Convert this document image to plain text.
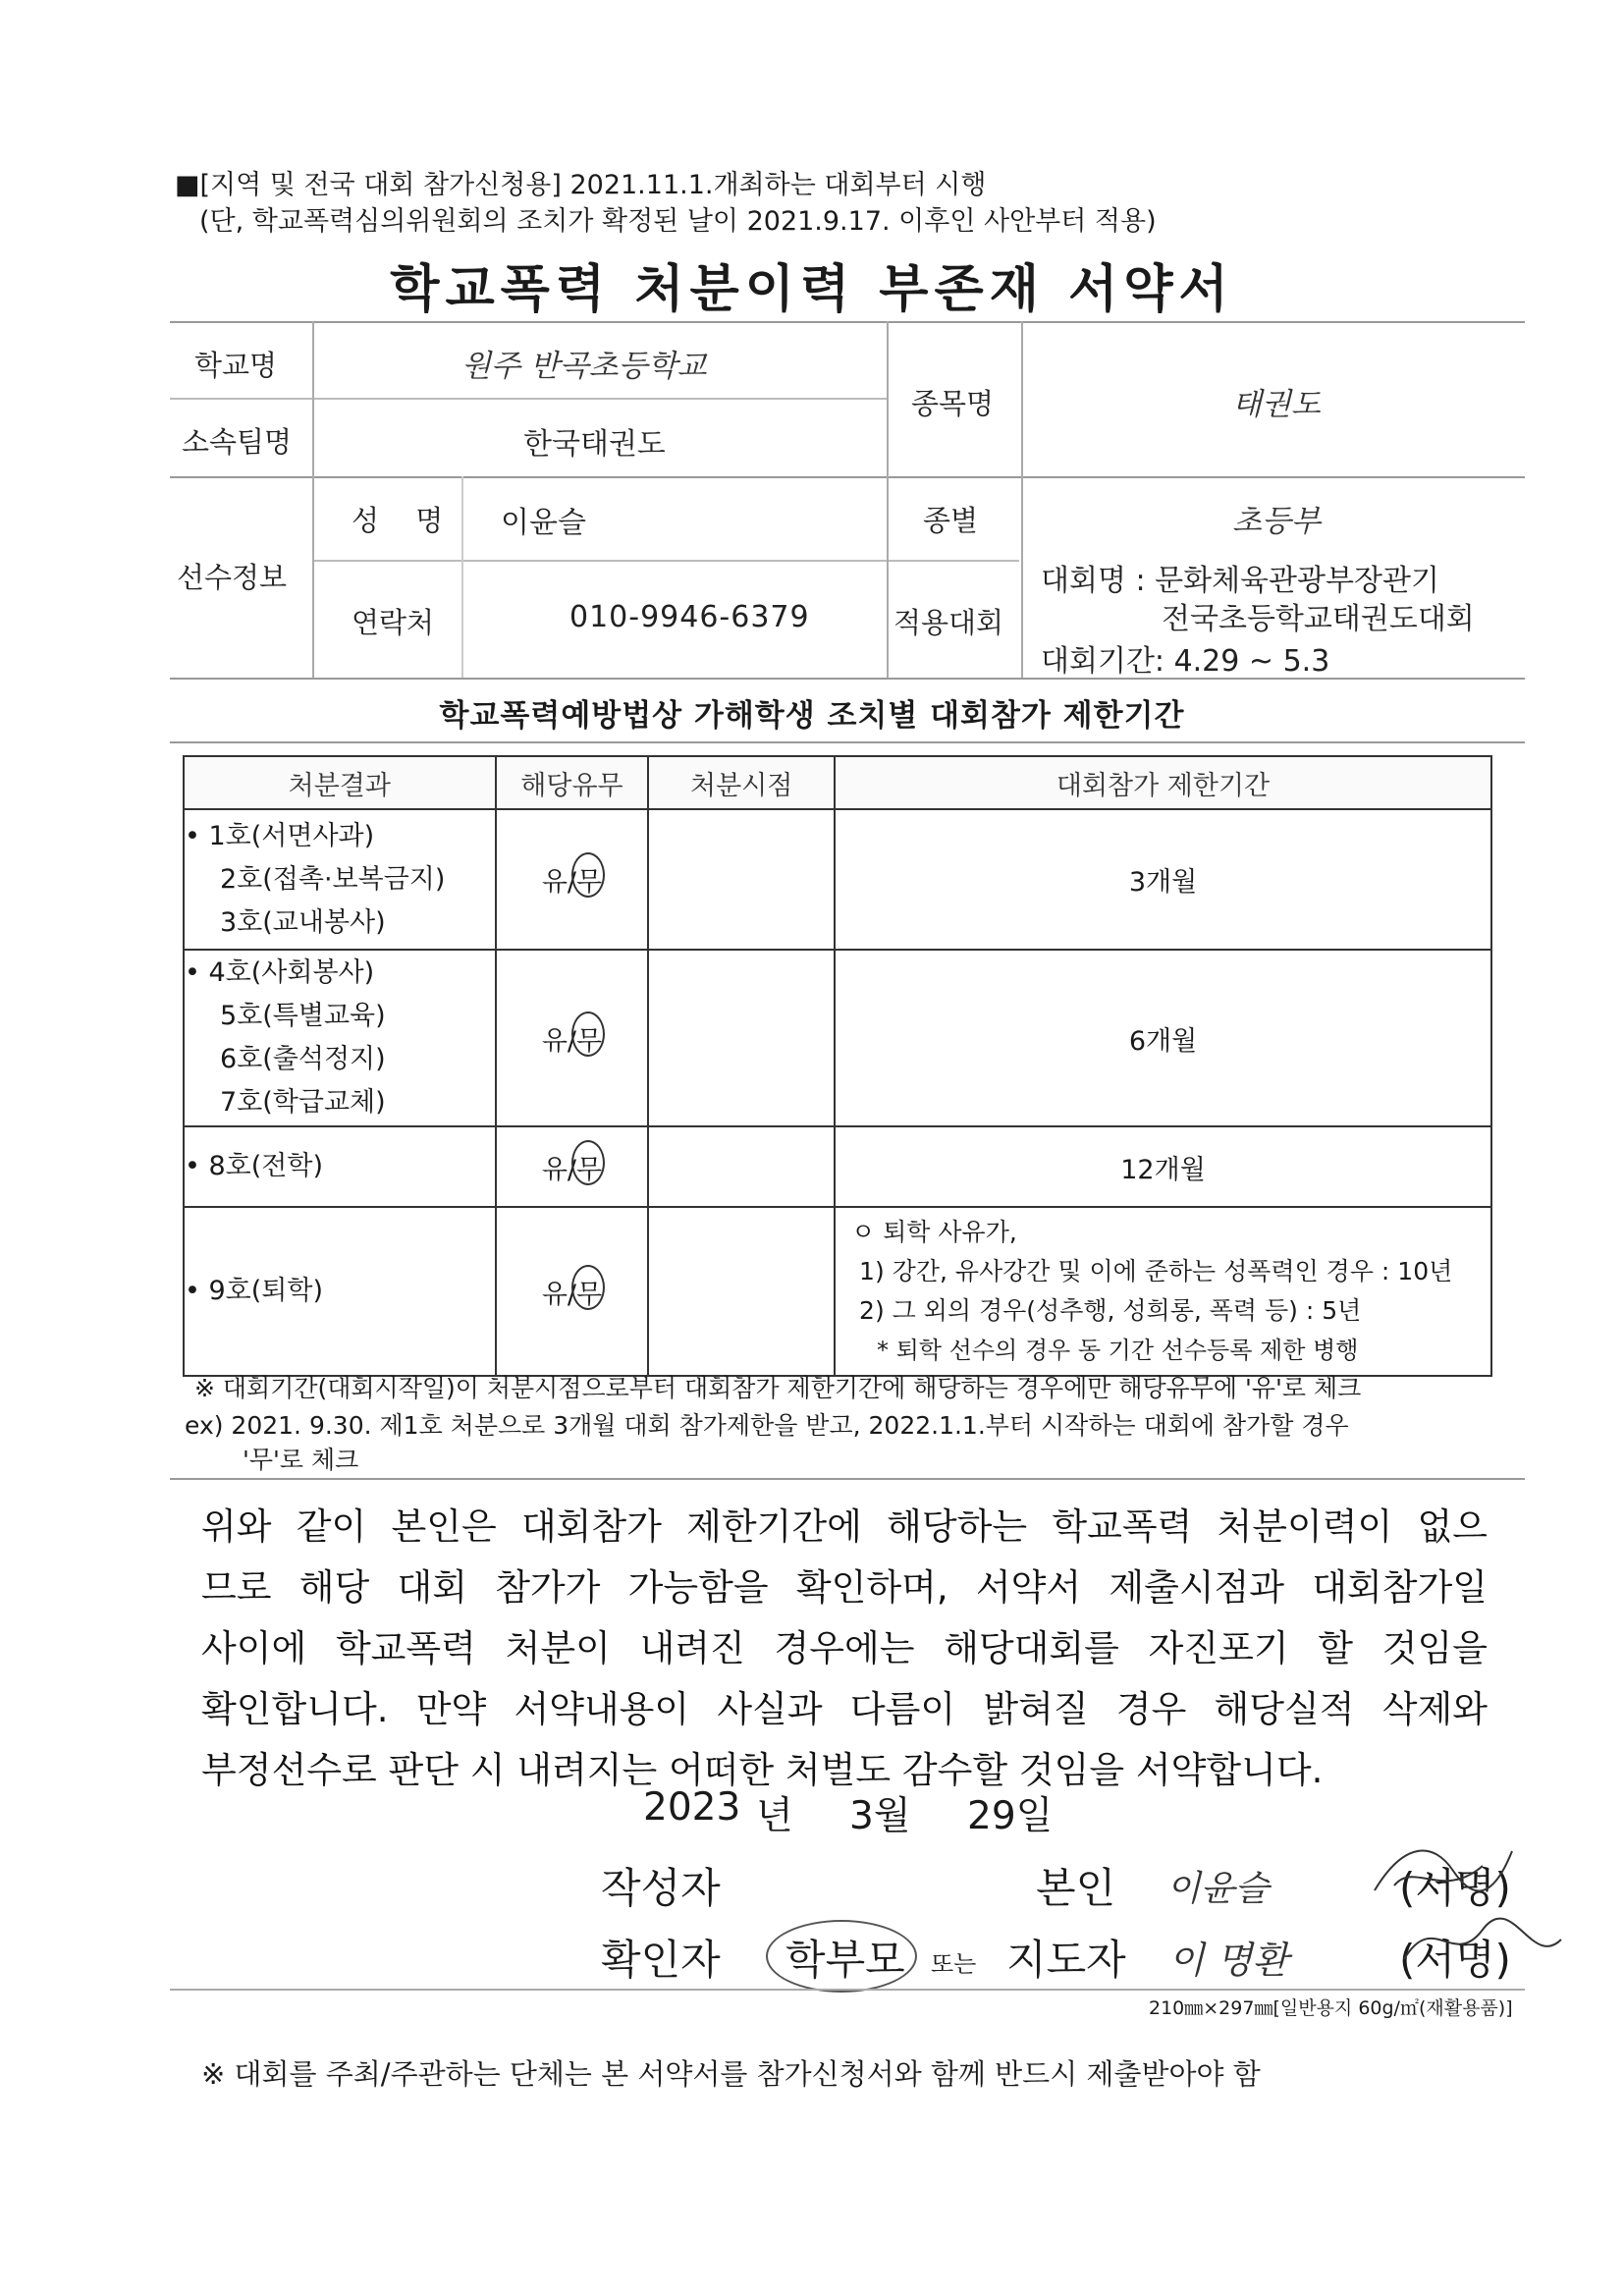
■[지역 및 전국 대회 참가신청용] 2021.11.1.개최하는 대회부터 시행
(단, 학교폭력심의위원회의 조치가 확정된 날이 2021.9.17. 이후인 사안부터 적용)
학교폭력 처분이력 부존재 서약서
학교명	원주 반곡초등학교
소속팀명	한국태권도
종목명	태권도
선수정보
성 명 이윤슬	종별	초등부
연락처	010-9946-6379	적용대회
대회명 : 문화체육관광부장관기
전국초등학교태권도대회
대회기간: 4.29 ~ 5.3
학교폭력예방법상 가해학생 조치별 대회참가 제한기간
처분결과	해당유무	처분시점	대회참가 제한기간

• 1호(서면사과)
2호(접촉·보복금지)
3호(교내봉사)	유/무		3개월

• 4호(사회봉사)
5호(특별교육)
6호(출석정지)
7호(학급교체)	유/무		6개월

• 8호(전학)	유/무		12개월

• 9호(퇴학)	유/무		ㅇ 퇴학 사유가,
1) 강간, 유사강간 및 이에 준하는 성폭력인 경우 : 10년
2) 그 외의 경우(성추행, 성희롱, 폭력 등) : 5년
* 퇴학 선수의 경우 동 기간 선수등록 제한 병행
※ 대회기간(대회시작일)이 처분시점으로부터 대회참가 제한기간에 해당하는 경우에만 해당유무에 '유'로 체크
ex) 2021. 9.30. 제1호 처분으로 3개월 대회 참가제한을 받고, 2022.1.1.부터 시작하는 대회에 참가할 경우
'무'로 체크
위와 같이 본인은 대회참가 제한기간에 해당하는 학교폭력 처분이력이 없으
므로 해당 대회 참가가 가능함을 확인하며, 서약서 제출시점과 대회참가일
사이에 학교폭력 처분이 내려진 경우에는 해당대회를 자진포기 할 것임을
확인합니다. 만약 서약내용이 사실과 다름이 밝혀질 경우 해당실적 삭제와
부정선수로 판단 시 내려지는 어떠한 처벌도 감수할 것임을 서약합니다.
2023 년 3월 29일
작성자	본인 이윤슬	(서명)
확인자 학부모 또는 지도자 이 명환	(서명)
210㎜×297㎜[일반용지 60g/㎡(재활용품)]
※ 대회를 주최/주관하는 단체는 본 서약서를 참가신청서와 함께 반드시 제출받아야 함
